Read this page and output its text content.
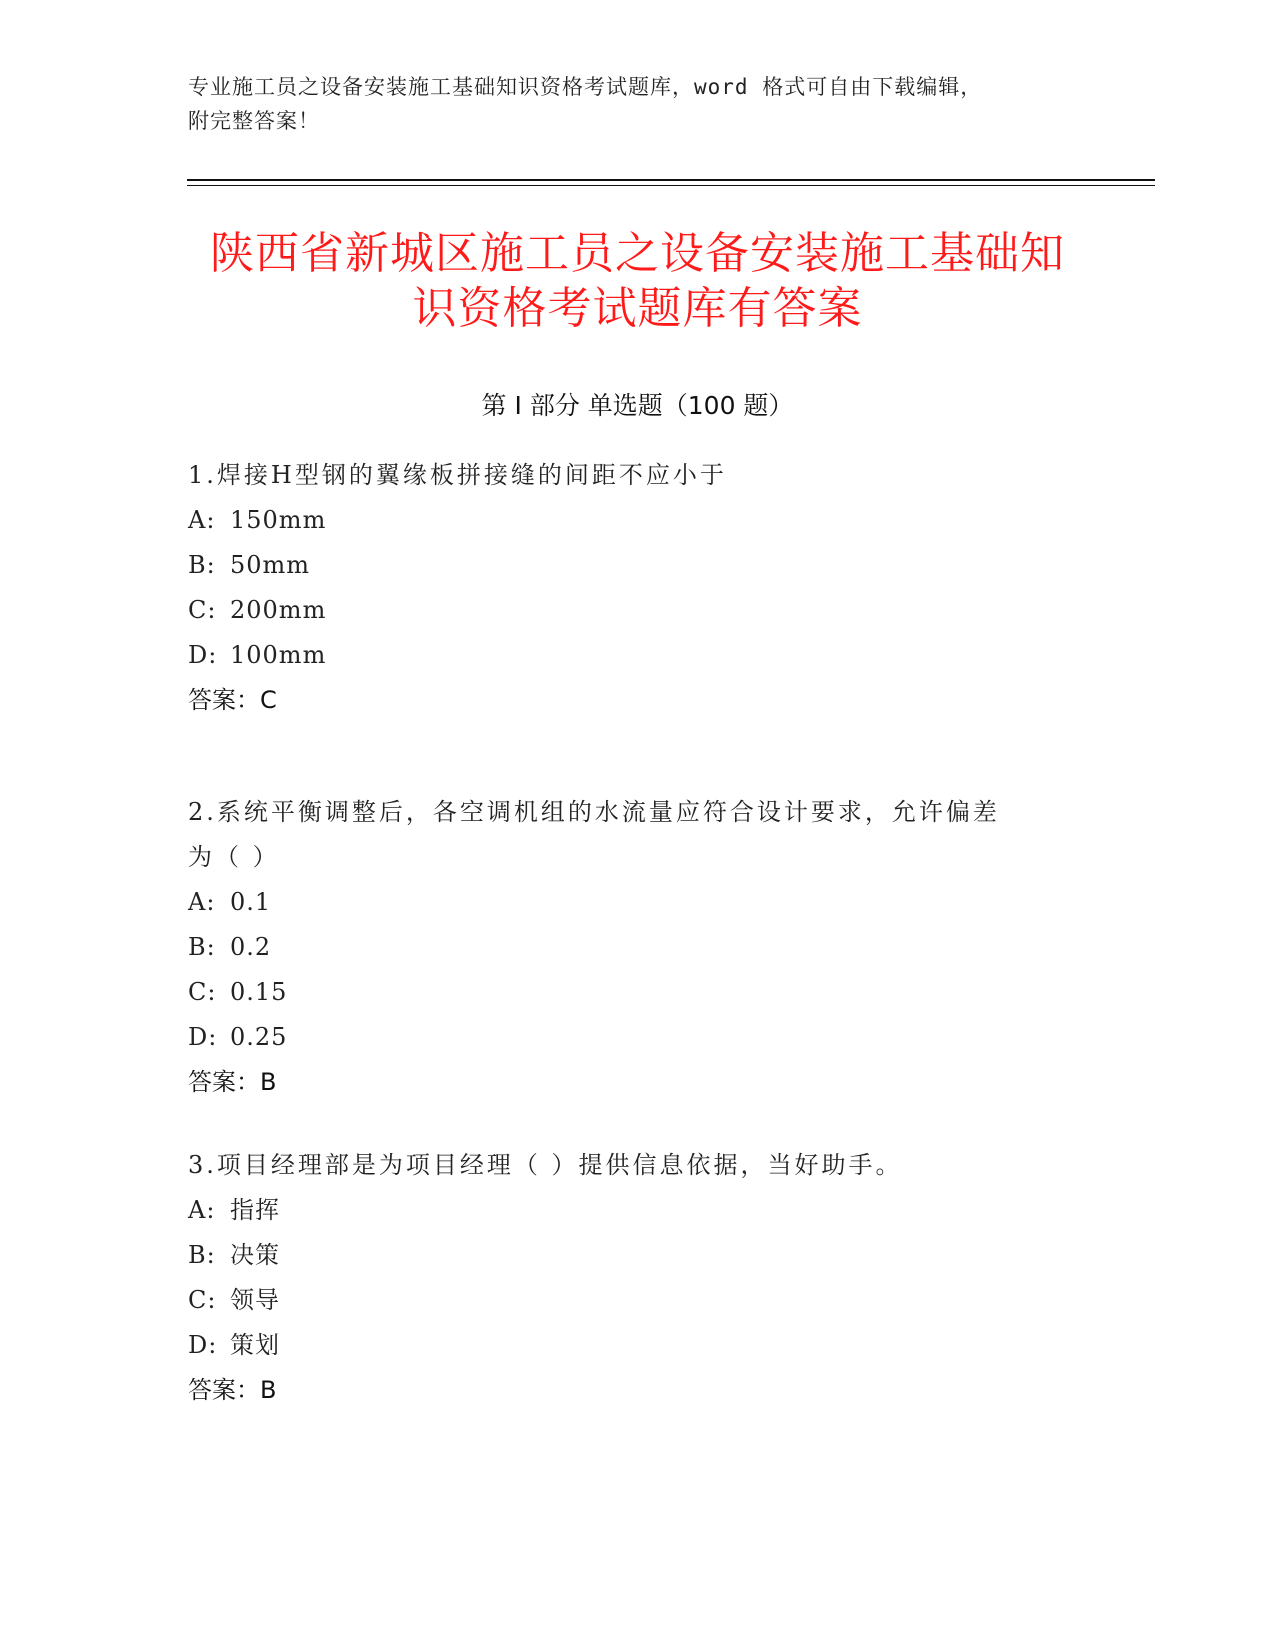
专业施工员之设备安装施工基础知识资格考试题库，word 格式可自由下载编辑，
附完整答案！
陕西省新城区施工员之设备安装施工基础知
识资格考试题库有答案
第 I 部分 单选题（100 题）
1.焊接H型钢的翼缘板拼接缝的间距不应小于
A: 150mm
B: 50mm
C: 200mm
D: 100mm
答案：C
2.系统平衡调整后，各空调机组的水流量应符合设计要求，允许偏差
为（ ）
A: 0.1
B: 0.2
C: 0.15
D: 0.25
答案：B
3.项目经理部是为项目经理（ ）提供信息依据，当好助手。
A: 指挥
B: 决策
C: 领导
D: 策划
答案：B
